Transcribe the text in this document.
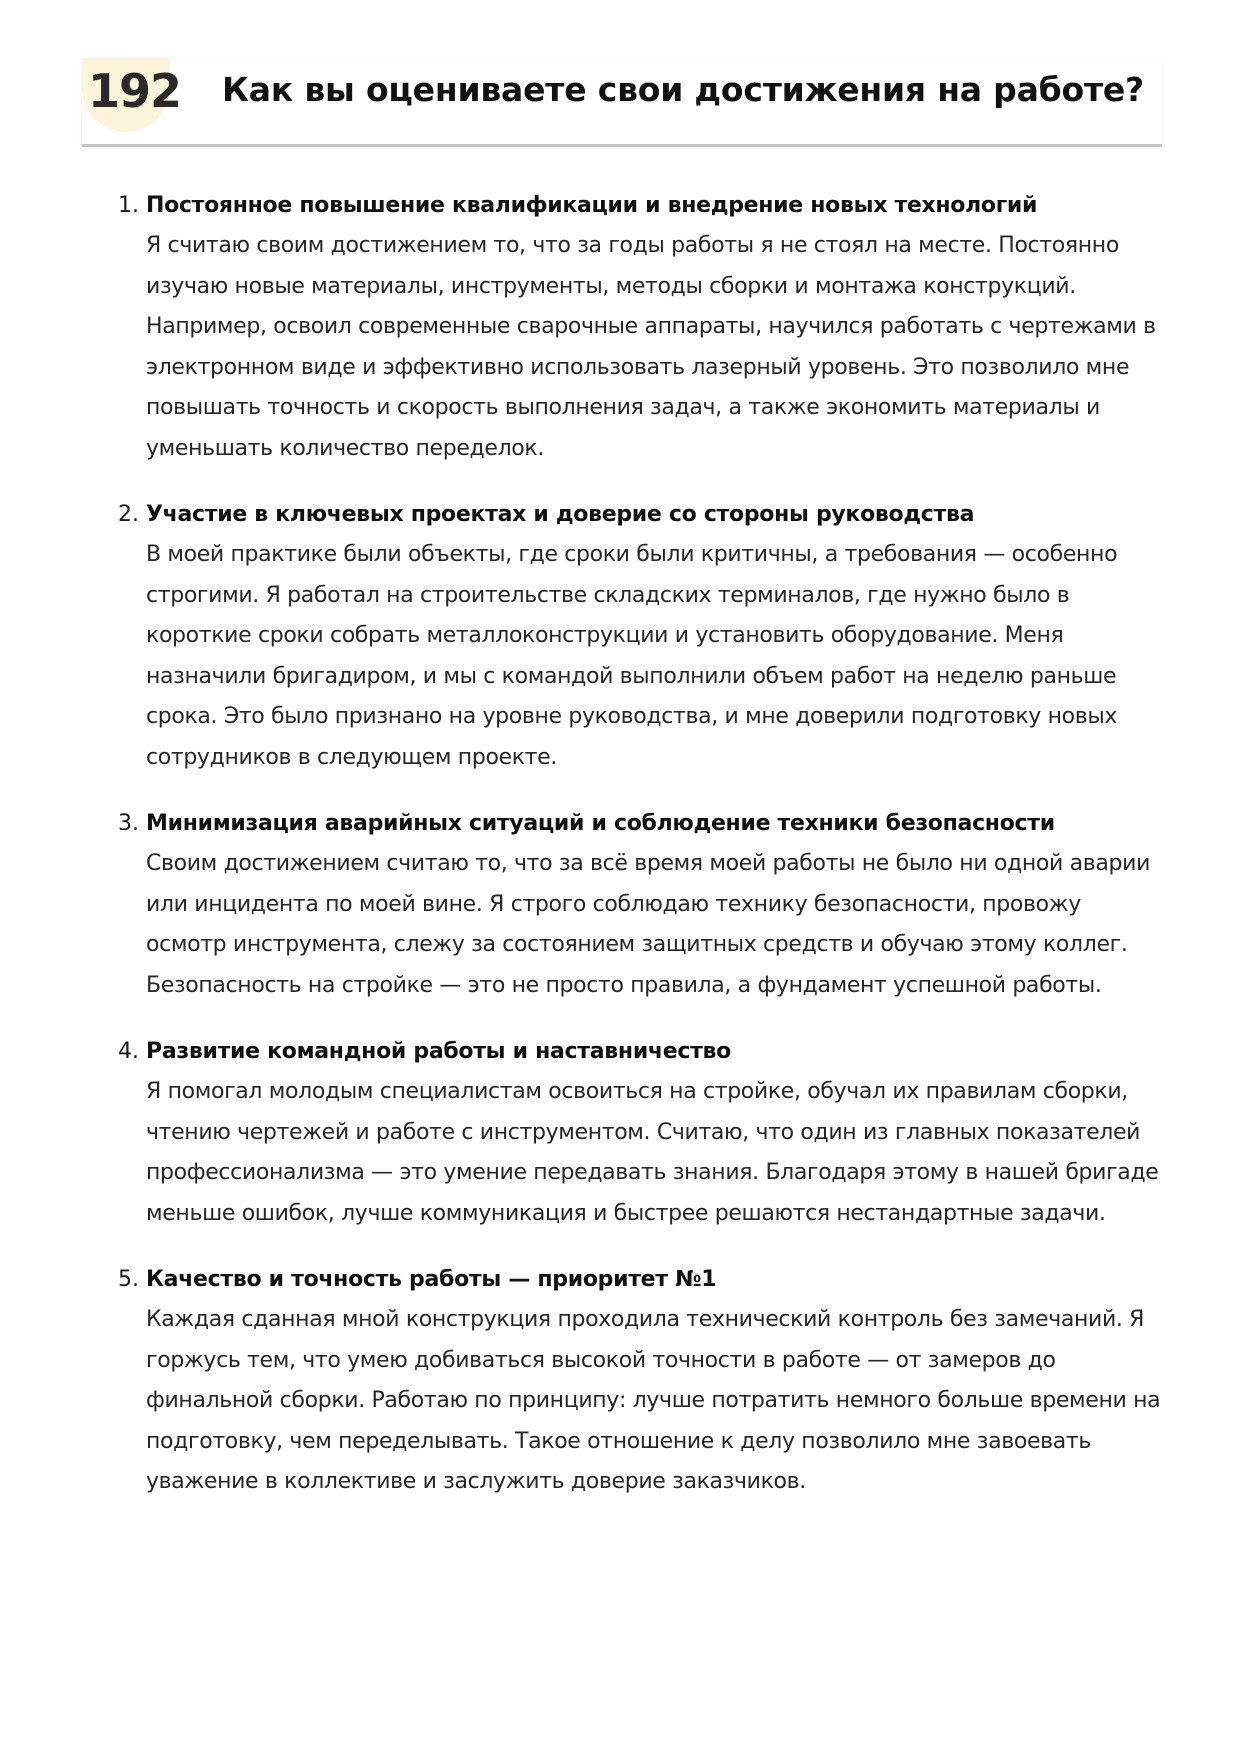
192 Как вы оцениваете свои достижения на работе?
1. Постоянное повышение квалификации и внедрение новых технологий
Я считаю своим достижением то, что за годы работы я не стоял на месте. Постоянно изучаю новые материалы, инструменты, методы сборки и монтажа конструкций. Например, освоил современные сварочные аппараты, научился работать с чертежами в электронном виде и эффективно использовать лазерный уровень. Это позволило мне повышать точность и скорость выполнения задач, а также экономить материалы и уменьшать количество переделок.
2. Участие в ключевых проектах и доверие со стороны руководства
В моей практике были объекты, где сроки были критичны, а требования — особенно строгими. Я работал на строительстве складских терминалов, где нужно было в короткие сроки собрать металлоконструкции и установить оборудование. Меня назначили бригадиром, и мы с командой выполнили объем работ на неделю раньше срока. Это было признано на уровне руководства, и мне доверили подготовку новых сотрудников в следующем проекте.
3. Минимизация аварийных ситуаций и соблюдение техники безопасности
Своим достижением считаю то, что за всё время моей работы не было ни одной аварии или инцидента по моей вине. Я строго соблюдаю технику безопасности, провожу осмотр инструмента, слежу за состоянием защитных средств и обучаю этому коллег. Безопасность на стройке — это не просто правила, а фундамент успешной работы.
4. Развитие командной работы и наставничество
Я помогал молодым специалистам освоиться на стройке, обучал их правилам сборки, чтению чертежей и работе с инструментом. Считаю, что один из главных показателей профессионализма — это умение передавать знания. Благодаря этому в нашей бригаде меньше ошибок, лучше коммуникация и быстрее решаются нестандартные задачи.
5. Качество и точность работы — приоритет №1
Каждая сданная мной конструкция проходила технический контроль без замечаний. Я горжусь тем, что умею добиваться высокой точности в работе — от замеров до финальной сборки. Работаю по принципу: лучше потратить немного больше времени на подготовку, чем переделывать. Такое отношение к делу позволило мне завоевать уважение в коллективе и заслужить доверие заказчиков.
